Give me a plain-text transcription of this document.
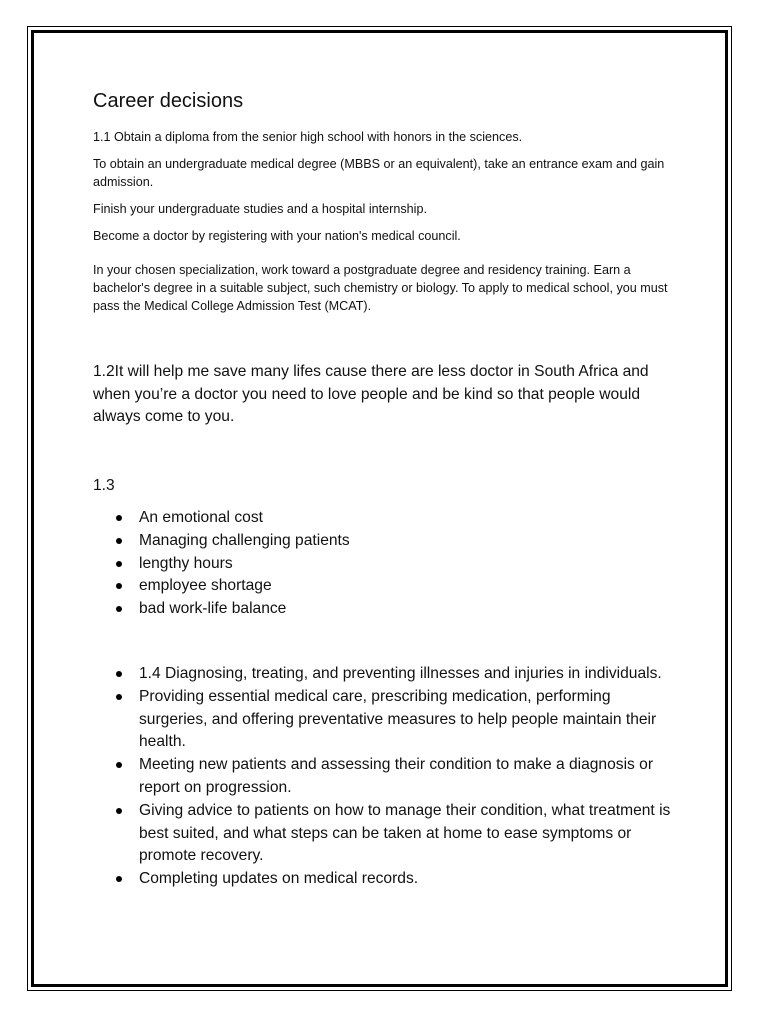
Career decisions

1.1 Obtain a diploma from the senior high school with honors in the sciences.

To obtain an undergraduate medical degree (MBBS or an equivalent), take an entrance exam and gain admission.

Finish your undergraduate studies and a hospital internship.

Become a doctor by registering with your nation's medical council.

In your chosen specialization, work toward a postgraduate degree and residency training. Earn a bachelor's degree in a suitable subject, such chemistry or biology. To apply to medical school, you must pass the Medical College Admission Test (MCAT).

1.2It will help me save many lifes cause there are less doctor in South Africa and when you’re a doctor you need to love people and be kind so that people would always come to you.

1.3

An emotional cost
Managing challenging patients
lengthy hours
employee shortage
bad work-life balance
1.4 Diagnosing, treating, and preventing illnesses and injuries in individuals.
Providing essential medical care, prescribing medication, performing surgeries, and offering preventative measures to help people maintain their health.
Meeting new patients and assessing their condition to make a diagnosis or report on progression.
Giving advice to patients on how to manage their condition, what treatment is best suited, and what steps can be taken at home to ease symptoms or promote recovery.
Completing updates on medical records.
